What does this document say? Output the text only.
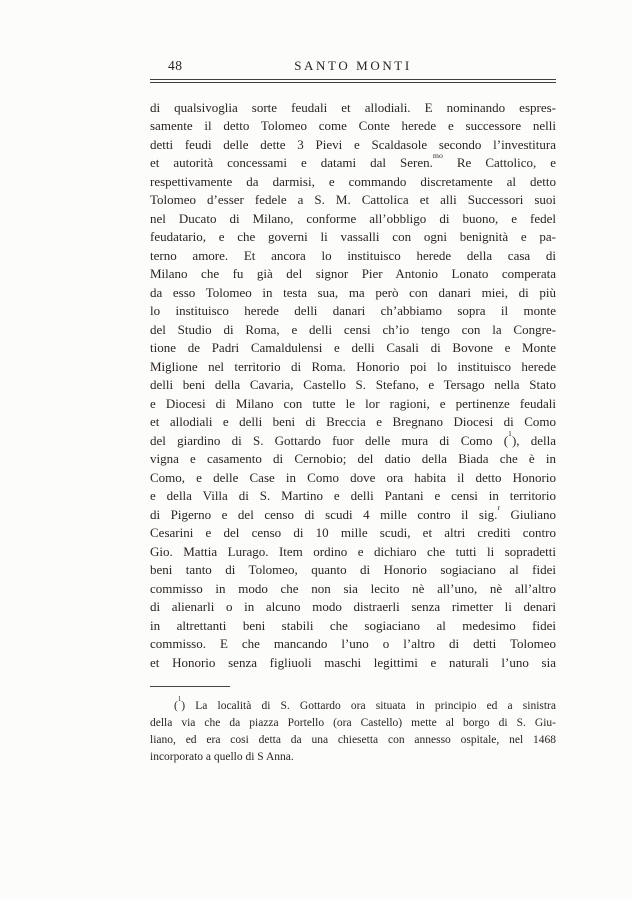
48	SANTO MONTI
di qualsivoglia sorte feudali et allodiali. E nominando espres-
samente il detto Tolomeo come Conte herede e successore nelli
detti feudi delle dette 3 Pievi e Scaldasole secondo l’investitura
et autorità concessami e datami dal Seren.$^{mo}$ Re Cattolico, e
respettivamente da darmisi, e commando discretamente al detto
Tolomeo d’esser fedele a S. M. Cattolica et alli Successori suoi
nel Ducato di Milano, conforme all’obbligo di buono, e fedel
feudatario, e che governi li vassalli con ogni benignità e pa-
terno amore. Et ancora lo instituisco herede della casa di
Milano che fu già del signor Pier Antonio Lonato comperata
da esso Tolomeo in testa sua, ma però con danari miei, di più
lo instituisco herede delli danari ch’abbiamo sopra il monte
del Studio di Roma, e delli censi ch’io tengo con la Congre-
tione de Padri Camaldulensi e delli Casali di Bovone e Monte
Miglione nel territorio di Roma. Honorio poi lo instituisco herede
delli beni della Cavaria, Castello S. Stefano, e Tersago nella Stato
e Diocesi di Milano con tutte le lor ragioni, e pertinenze feudali
et allodiali e delli beni di Breccia e Bregnano Diocesi di Como
del giardino di S. Gottardo fuor delle mura di Como ($^1$), della
vigna e casamento di Cernobio; del datio della Biada che è in
Como, e delle Case in Como dove ora habita il detto Honorio
e della Villa di S. Martino e delli Pantani e censi in territorio
di Pigerno e del censo di scudi 4 mille contro il sig.$^r$ Giuliano
Cesarini e del censo di 10 mille scudi, et altri crediti contro
Gio. Mattia Lurago. Item ordino e dichiaro che tutti li sopradetti
beni tanto di Tolomeo, quanto di Honorio sogiaciano al fidei
commisso in modo che non sia lecito nè all’uno, nè all’altro
di alienarli o in alcuno modo distraerli senza rimetter li denari
in altrettanti beni stabili che sogiaciano al medesimo fidei
commisso. E che mancando l’uno o l’altro di detti Tolomeo
et Honorio senza figliuoli maschi legittimi e naturali l’uno sia
($^1$) La località di S. Gottardo ora situata in principio ed a sinistra
della via che da piazza Portello (ora Castello) mette al borgo di S. Giu-
liano, ed era cosi detta da una chiesetta con annesso ospitale, nel 1468
incorporato a quello di S Anna.
